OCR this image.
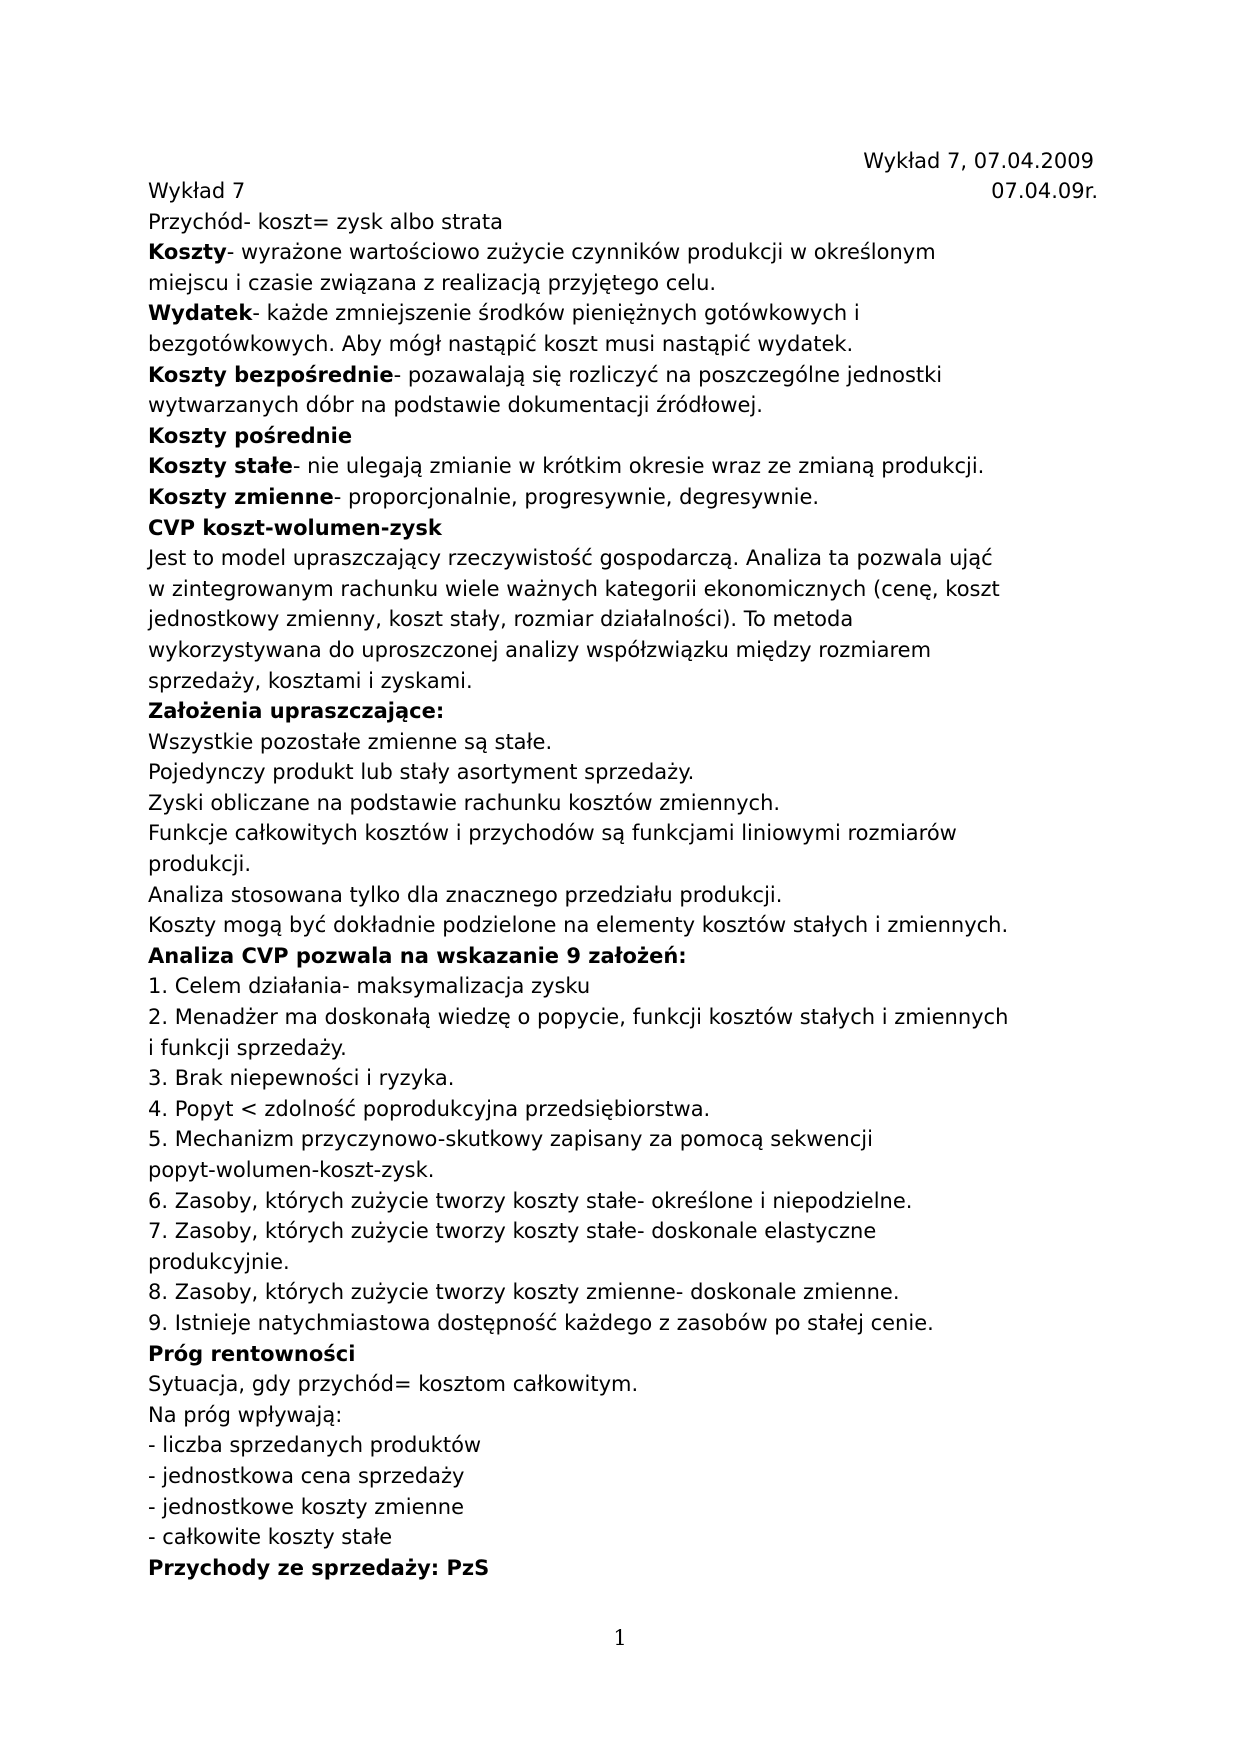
Wykład 7, 07.04.2009
Wykład 7	07.04.09r.

Przychód- koszt= zysk albo strata

Koszty- wyrażone wartościowo zużycie czynników produkcji w określonym

miejscu i czasie związana z realizacją przyjętego celu.

Wydatek- każde zmniejszenie środków pieniężnych gotówkowych i

bezgotówkowych. Aby mógł nastąpić koszt musi nastąpić wydatek.

Koszty bezpośrednie- pozawalają się rozliczyć na poszczególne jednostki

wytwarzanych dóbr na podstawie dokumentacji źródłowej.

Koszty pośrednie

Koszty stałe- nie ulegają zmianie w krótkim okresie wraz ze zmianą produkcji.

Koszty zmienne- proporcjonalnie, progresywnie, degresywnie.

CVP koszt-wolumen-zysk

Jest to model upraszczający rzeczywistość gospodarczą. Analiza ta pozwala ująć

w zintegrowanym rachunku wiele ważnych kategorii ekonomicznych (cenę, koszt

jednostkowy zmienny, koszt stały, rozmiar działalności). To metoda

wykorzystywana do uproszczonej analizy współzwiązku między rozmiarem

sprzedaży, kosztami i zyskami.

Założenia upraszczające:

Wszystkie pozostałe zmienne są stałe.

Pojedynczy produkt lub stały asortyment sprzedaży.

Zyski obliczane na podstawie rachunku kosztów zmiennych.

Funkcje całkowitych kosztów i przychodów są funkcjami liniowymi rozmiarów

produkcji.

Analiza stosowana tylko dla znacznego przedziału produkcji.

Koszty mogą być dokładnie podzielone na elementy kosztów stałych i zmiennych.

Analiza CVP pozwala na wskazanie 9 założeń:

1. Celem działania- maksymalizacja zysku

2. Menadżer ma doskonałą wiedzę o popycie, funkcji kosztów stałych i zmiennych

i funkcji sprzedaży.

3. Brak niepewności i ryzyka.

4. Popyt < zdolność poprodukcyjna przedsiębiorstwa.

5. Mechanizm przyczynowo-skutkowy zapisany za pomocą sekwencji

popyt-wolumen-koszt-zysk.

6. Zasoby, których zużycie tworzy koszty stałe- określone i niepodzielne.

7. Zasoby, których zużycie tworzy koszty stałe- doskonale elastyczne

produkcyjnie.

8. Zasoby, których zużycie tworzy koszty zmienne- doskonale zmienne.

9. Istnieje natychmiastowa dostępność każdego z zasobów po stałej cenie.

Próg rentowności

Sytuacja, gdy przychód= kosztom całkowitym.

Na próg wpływają:

- liczba sprzedanych produktów

- jednostkowa cena sprzedaży

- jednostkowe koszty zmienne

- całkowite koszty stałe

Przychody ze sprzedaży: PzS

1
